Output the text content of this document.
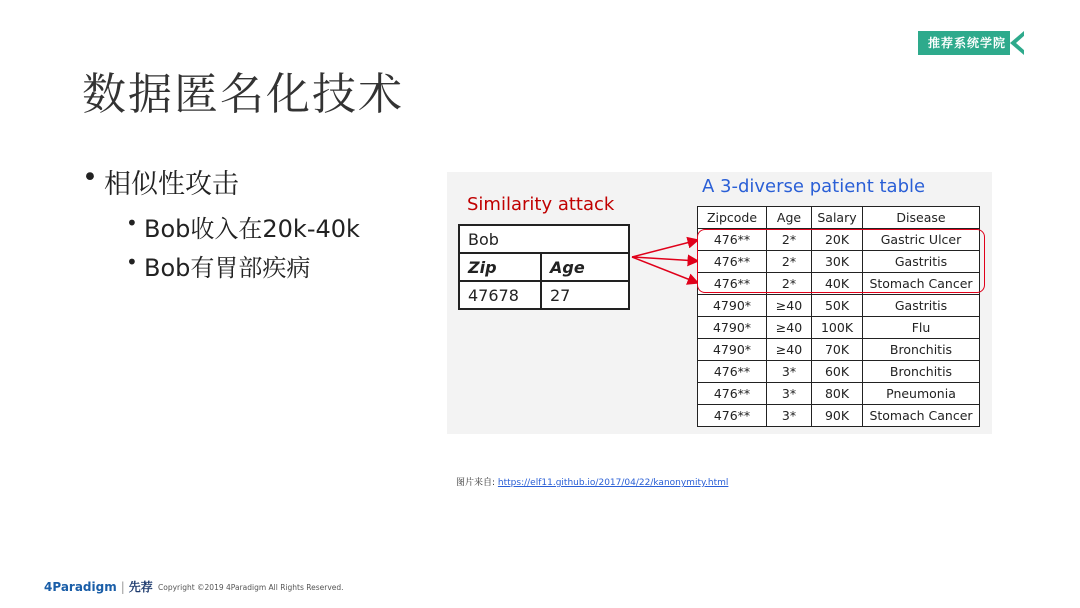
推荐系统学院
数据匿名化技术

• 相似性攻击

• Bob收入在20k-40k

• Bob有胃部疾病

Similarity attack
A 3-diverse patient table
Bob	
Zip	Age
47678	27
Zipcode	Age	Salary	Disease
476**	2*	20K	Gastric Ulcer
476**	2*	30K	Gastritis
476**	2*	40K	Stomach Cancer
4790*	≥40	50K	Gastritis
4790*	≥40	100K	Flu
4790*	≥40	70K	Bronchitis
476**	3*	60K	Bronchitis
476**	3*	80K	Pneumonia
476**	3*	90K	Stomach Cancer
图片来自: https://elf11.github.io/2017/04/22/kanonymity.html
4Paradigm | 先荐 Copyright ©2019 4Paradigm All Rights Reserved.
